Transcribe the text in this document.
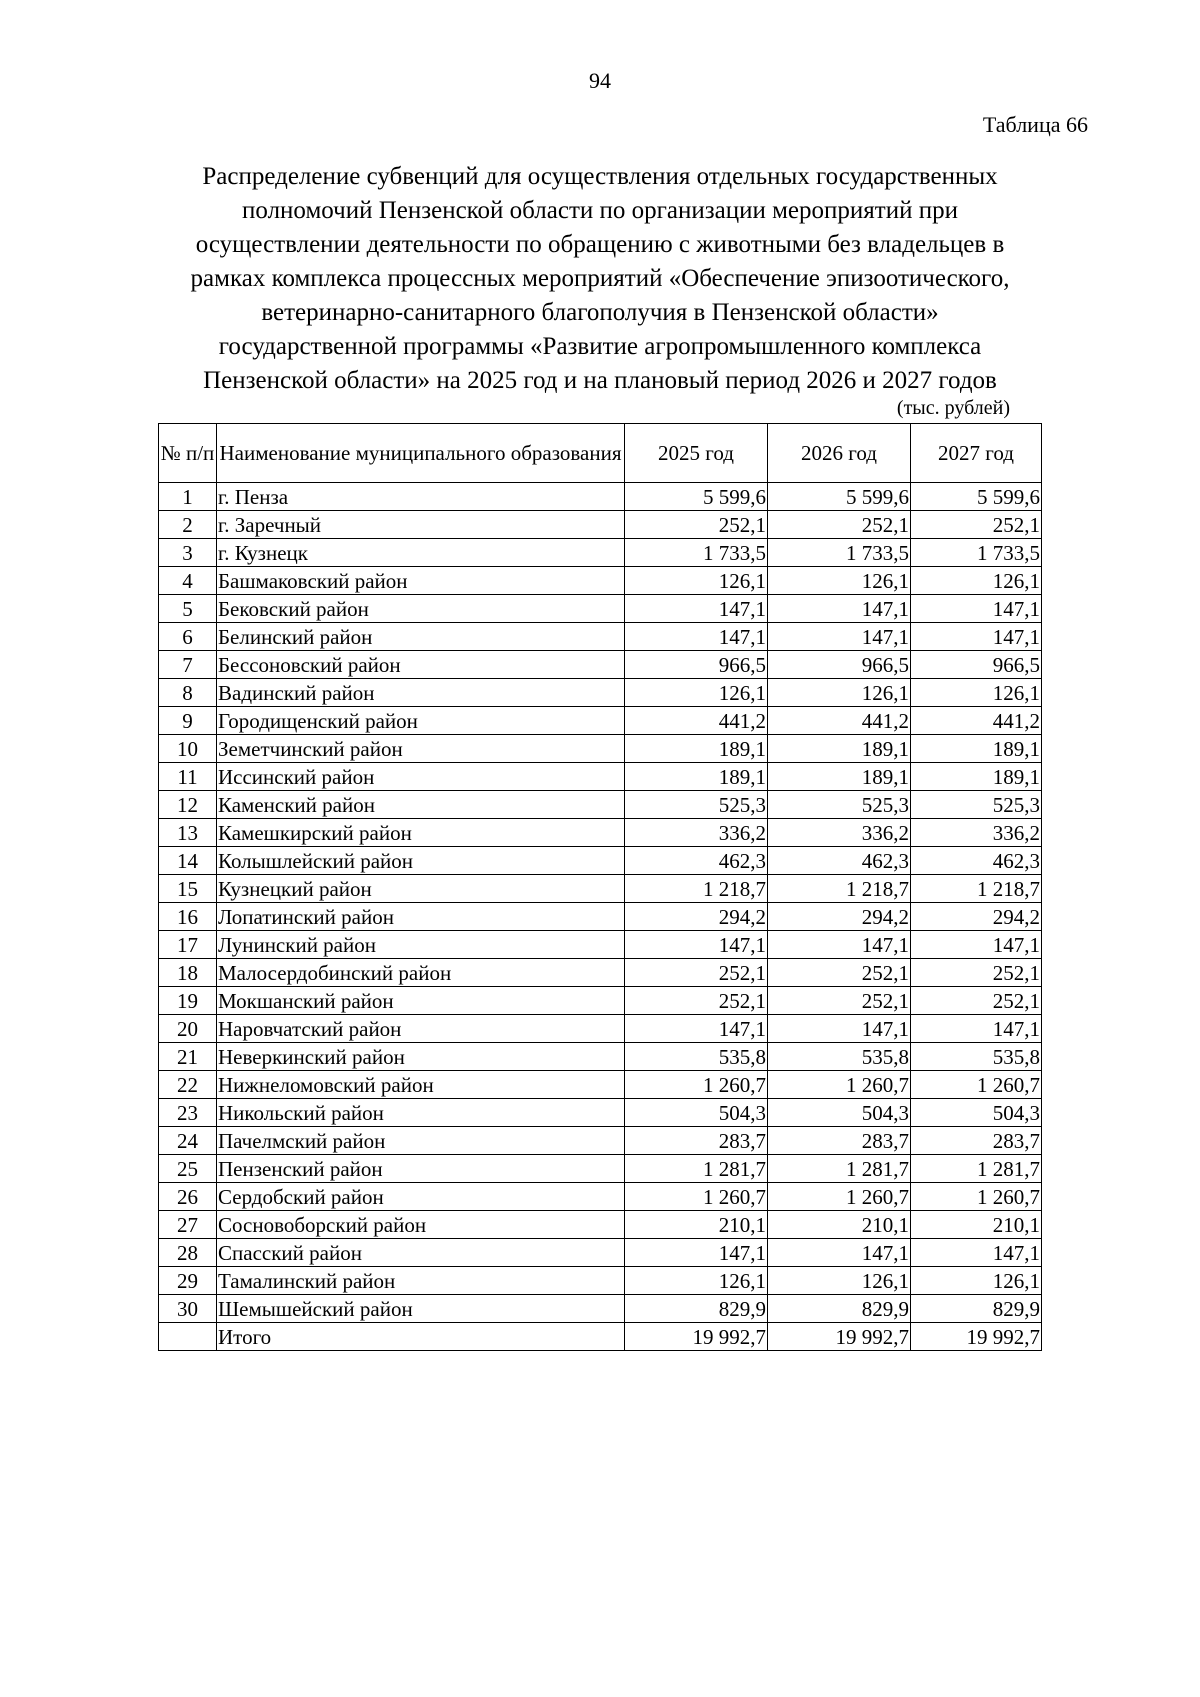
94
Таблица 66
Распределение субвенций для осуществления отдельных государственных
полномочий Пензенской области по организации мероприятий при
осуществлении деятельности по обращению с животными без владельцев в
рамках комплекса процессных мероприятий «Обеспечение эпизоотического,
ветеринарно-санитарного благополучия в Пензенской области»
государственной программы «Развитие агропромышленного комплекса
Пензенской области» на 2025 год и на плановый период 2026 и 2027 годов
(тыс. рублей)
№ п/п	Наименование муниципального образования	2025 год	2026 год	2027 год
1	г. Пенза	5 599,6	5 599,6	5 599,6
2	г. Заречный	252,1	252,1	252,1
3	г. Кузнецк	1 733,5	1 733,5	1 733,5
4	Башмаковский район	126,1	126,1	126,1
5	Бековский район	147,1	147,1	147,1
6	Белинский район	147,1	147,1	147,1
7	Бессоновский район	966,5	966,5	966,5
8	Вадинский район	126,1	126,1	126,1
9	Городищенский район	441,2	441,2	441,2
10	Земетчинский район	189,1	189,1	189,1
11	Иссинский район	189,1	189,1	189,1
12	Каменский район	525,3	525,3	525,3
13	Камешкирский район	336,2	336,2	336,2
14	Колышлейский район	462,3	462,3	462,3
15	Кузнецкий район	1 218,7	1 218,7	1 218,7
16	Лопатинский район	294,2	294,2	294,2
17	Лунинский район	147,1	147,1	147,1
18	Малосердобинский район	252,1	252,1	252,1
19	Мокшанский район	252,1	252,1	252,1
20	Наровчатский район	147,1	147,1	147,1
21	Неверкинский район	535,8	535,8	535,8
22	Нижнеломовский район	1 260,7	1 260,7	1 260,7
23	Никольский район	504,3	504,3	504,3
24	Пачелмский район	283,7	283,7	283,7
25	Пензенский район	1 281,7	1 281,7	1 281,7
26	Сердобский район	1 260,7	1 260,7	1 260,7
27	Сосновоборский район	210,1	210,1	210,1
28	Спасский район	147,1	147,1	147,1
29	Тамалинский район	126,1	126,1	126,1
30	Шемышейский район	829,9	829,9	829,9
	Итого	19 992,7	19 992,7	19 992,7
